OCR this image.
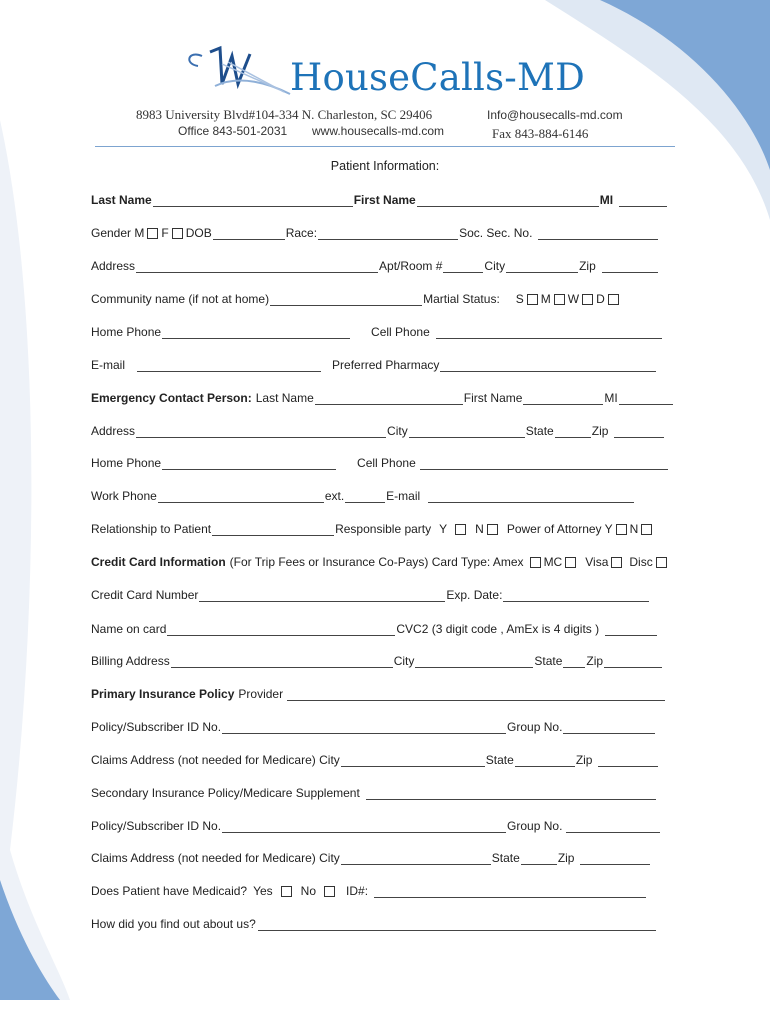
HouseCalls-MD
8983 University Blvd#104-334 N. Charleston, SC 29406
Office 843-501-2031 www.housecalls-md.com
Info@housecalls-md.com
Fax 843-884-6146
Patient Information:
Last Name	First Name	MI
Gender M F DOB	Race:	Soc. Sec. No.
Address	Apt/Room #	City	Zip
Community name (if not at home)	Martial Status: S M W D
Home Phone	Cell Phone
E-mail	Preferred Pharmacy
Emergency Contact Person: Last Name	First Name	MI
Address	City	State	Zip
Home Phone	Cell Phone
Work Phone	ext.	E-mail
Relationship to Patient	Responsible party Y N Power of Attorney Y N
Credit Card Information (For Trip Fees or Insurance Co-Pays) Card Type: Amex MC Visa Disc
Credit Card Number	Exp. Date:
Name on card	CVC2 (3 digit code , AmEx is 4 digits )
Billing Address	City	State Zip
Primary Insurance Policy Provider
Policy/Subscriber ID No.	Group No.
Claims Address (not needed for Medicare) City	State	Zip
Secondary Insurance Policy/Medicare Supplement
Policy/Subscriber ID No.	Group No.
Claims Address (not needed for Medicare) City	State	Zip
Does Patient have Medicaid? Yes No	ID#:
How did you find out about us?
